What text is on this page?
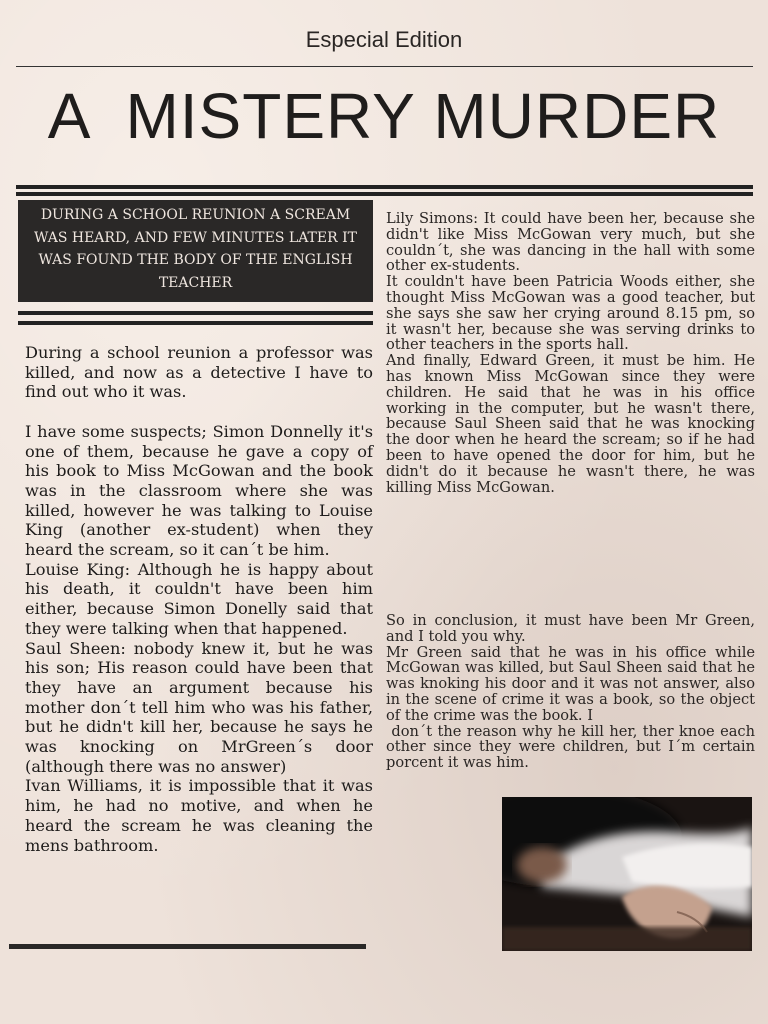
Especial Edition
A  MISTERY MURDER
DURING A SCHOOL REUNION A SCREAM WAS HEARD, AND FEW MINUTES LATER IT WAS FOUND THE BODY OF THE ENGLISH TEACHER

During a school reunion a professor was killed, and now as a detective I have to find out who it was.

I have some suspects; Simon Donnelly it's one of them, because he gave a copy of his book to Miss McGowan and the book was in the classroom where she was killed, however he was talking to Louise King (another ex-student) when they heard the scream, so it can´t be him.

Louise King: Although he is happy about his death, it couldn't have been him either, because Simon Donelly said that they were talking when that happened.

Saul Sheen: nobody knew it, but he was his son; His reason could have been that they have an argument because his mother don´t tell him who was his father, but he didn't kill her, because he says he was knocking on MrGreen´s door (although there was no answer)

Ivan Williams, it is impossible that it was him, he had no motive, and when he heard the scream he was cleaning the mens bathroom.

Lily Simons: It could have been her, because she didn't like Miss McGowan very much, but she couldn´t, she was dancing in the hall with some other ex-students.

It couldn't have been Patricia Woods either, she thought Miss McGowan was a good teacher, but she says she saw her crying around 8.15 pm, so it wasn't her, because she was serving drinks to other teachers in the sports hall.

And finally, Edward Green, it must be him. He has known Miss McGowan since they were children. He said that he was in his office working in the computer, but he wasn't there, because Saul Sheen said that he was knocking the door when he heard the scream; so if he had been to have opened the door for him, but he didn't do it because he wasn't there, he was killing Miss McGowan.

So in conclusion, it must have been Mr Green, and I told you why.

Mr Green said that he was in his office while McGowan was killed, but Saul Sheen said that he was knoking his door and it was not answer, also in the scene of crime it was a book, so the object of the crime was the book. I

don´t the reason why he kill her, ther knoe each other since they were children, but I´m certain porcent it was him.
